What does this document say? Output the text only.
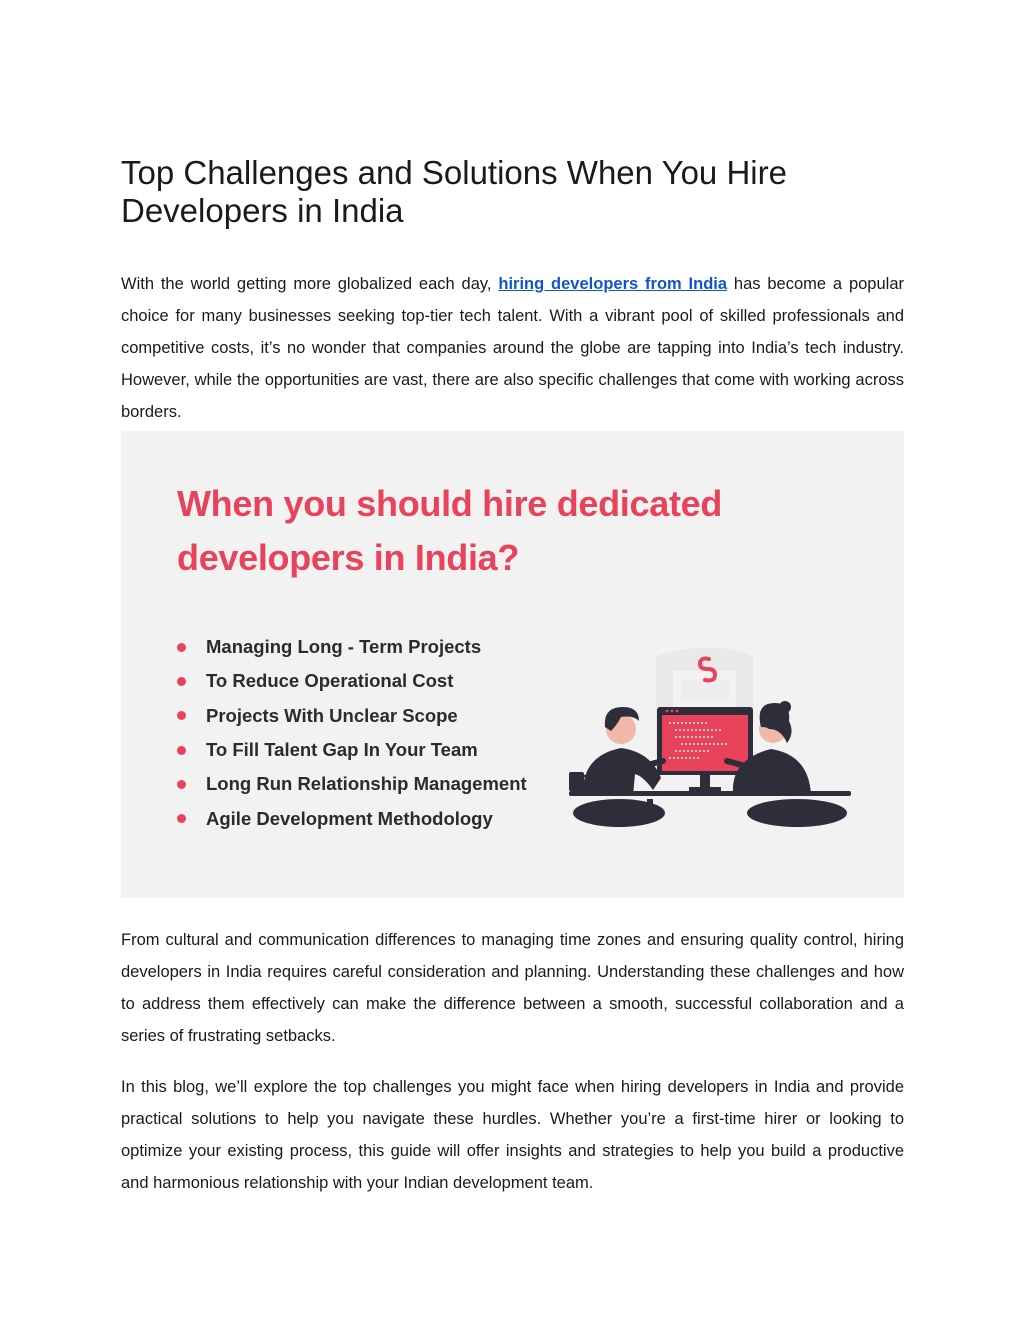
Top Challenges and Solutions When You Hire Developers in India

With the world getting more globalized each day, hiring developers from India has become a popular choice for many businesses seeking top-tier tech talent. With a vibrant pool of skilled professionals and competitive costs, it’s no wonder that companies around the globe are tapping into India’s tech industry. However, while the opportunities are vast, there are also specific challenges that come with working across borders.

When you should hire dedicated developers in India?
Managing Long - Term Projects
To Reduce Operational Cost
Projects With Unclear Scope
To Fill Talent Gap In Your Team
Long Run Relationship Management
Agile Development Methodology

From cultural and communication differences to managing time zones and ensuring quality control, hiring developers in India requires careful consideration and planning. Understanding these challenges and how to address them effectively can make the difference between a smooth, successful collaboration and a series of frustrating setbacks.

In this blog, we’ll explore the top challenges you might face when hiring developers in India and provide practical solutions to help you navigate these hurdles. Whether you’re a first-time hirer or looking to optimize your existing process, this guide will offer insights and strategies to help you build a productive and harmonious relationship with your Indian development team.
